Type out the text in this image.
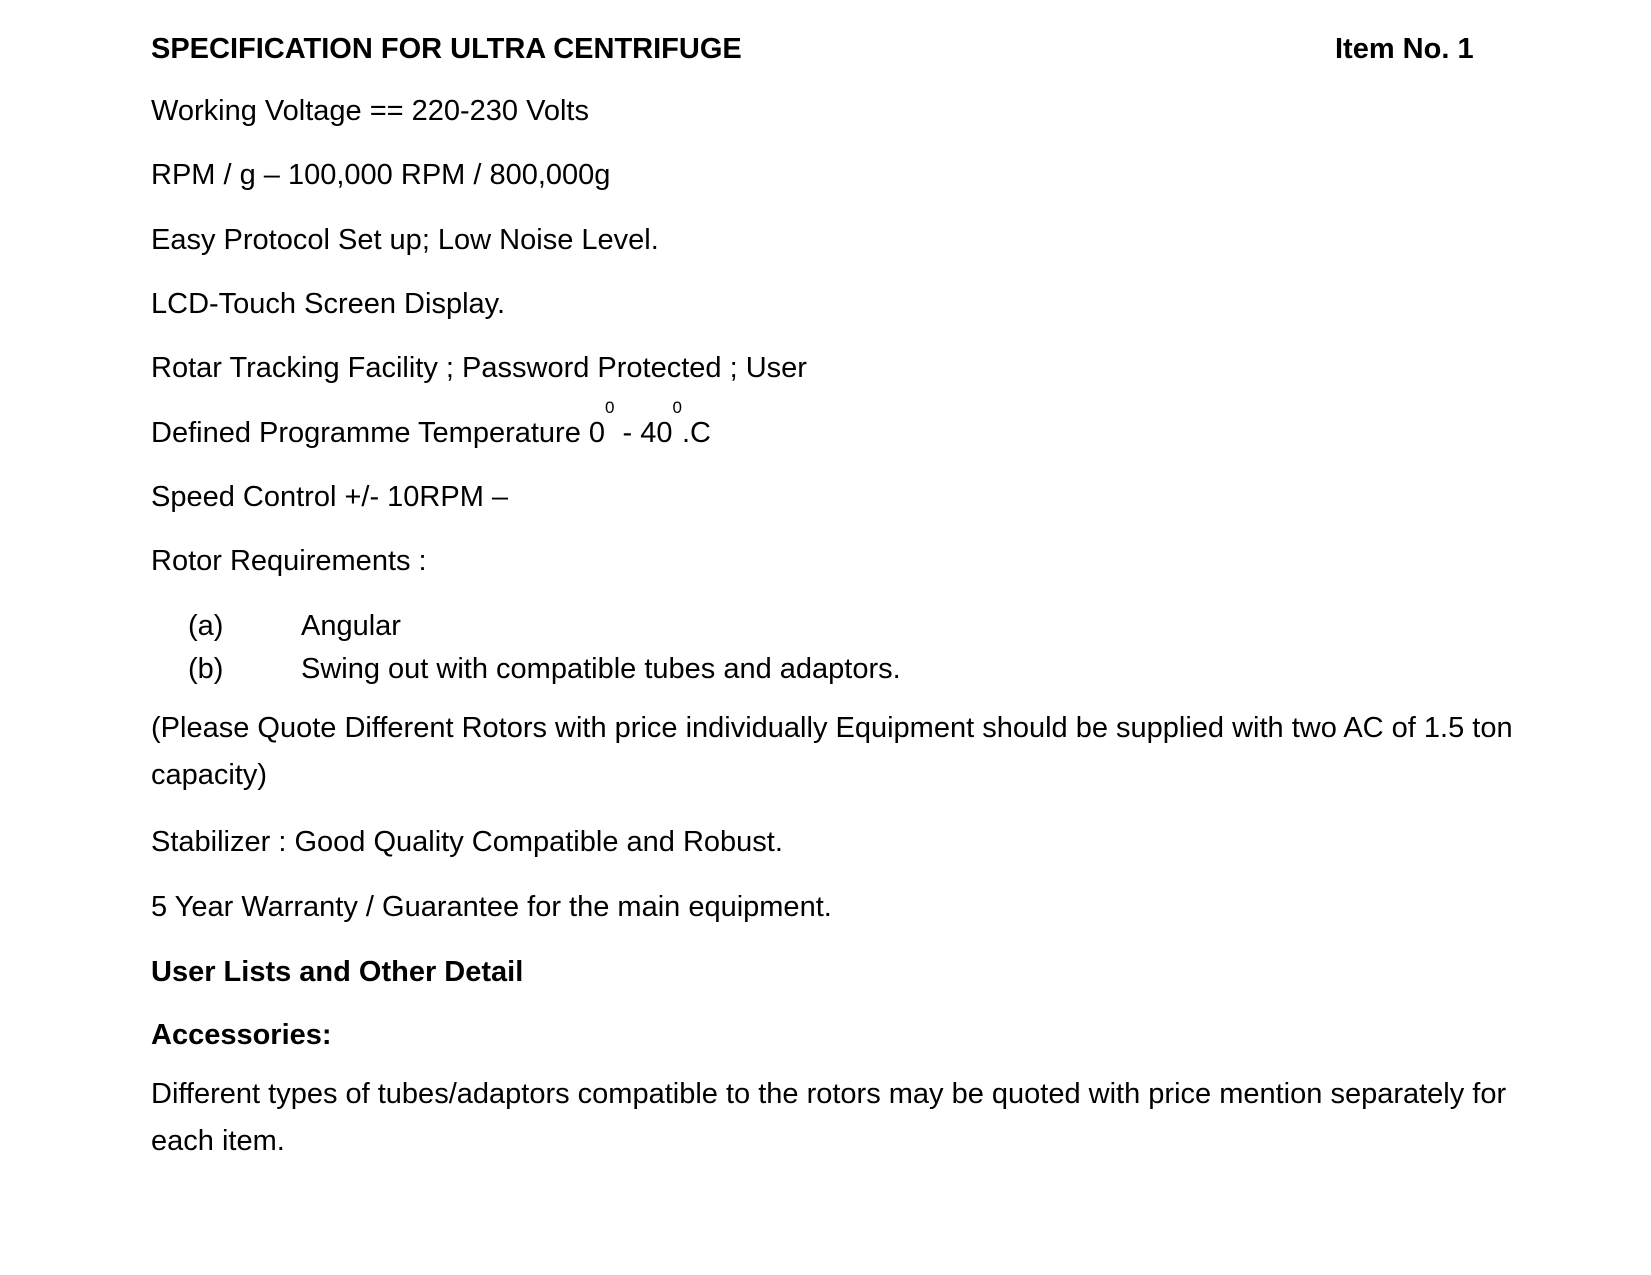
SPECIFICATION FOR ULTRA CENTRIFUGE	Item No. 1
Working Voltage == 220-230 Volts
RPM / g – 100,000 RPM / 800,000g
Easy Protocol Set up; Low Noise Level.
LCD-Touch Screen Display.
Rotar Tracking Facility ; Password Protected ; User
Defined Programme Temperature $0^0 - 40^0.C$
Speed Control +/- 10RPM –
Rotor Requirements :
(a)	Angular
(b)	Swing out with compatible tubes and adaptors.
(Please Quote Different Rotors with price individually Equipment should be supplied with two AC of 1.5 ton capacity)
Stabilizer : Good Quality Compatible and Robust.
5 Year Warranty / Guarantee for the main equipment.
User Lists and Other Detail
Accessories:
Different types of tubes/adaptors compatible to the rotors may be quoted with price mention separately for each item.
